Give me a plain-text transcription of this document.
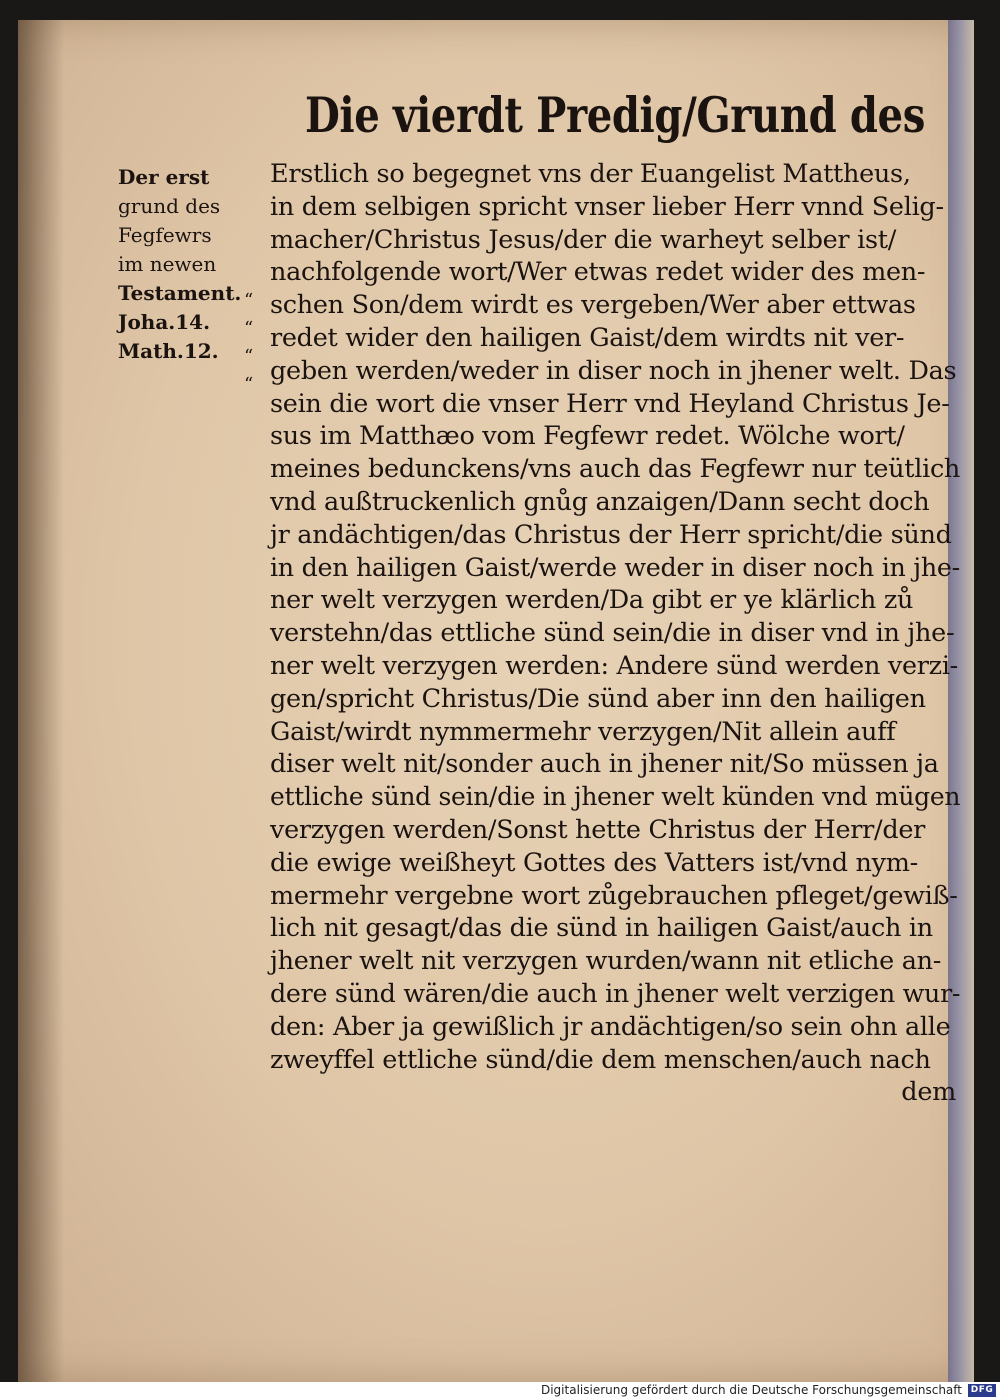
Die vierdt Predig/Grund des
Der erst
grund des
Fegfewrs
im newen
Testament.
Joha.14.
Math.12.
“
“
“
“
Erstlich so begegnet vns der Euangelist Mattheus,
in dem selbigen spricht vnser lieber Herr vnnd Selig-
macher/Christus Jesus/der die warheyt selber ist/
nachfolgende wort/Wer etwas redet wider des men-
schen Son/dem wirdt es vergeben/Wer aber ettwas
redet wider den hailigen Gaist/dem wirdts nit ver-
geben werden/weder in diser noch in jhener welt. Das
sein die wort die vnser Herr vnd Heyland Christus Je-
sus im Matthæo vom Fegfewr redet. Wölche wort/
meines bedunckens/vns auch das Fegfewr nur teütlich
vnd außtruckenlich gnůg anzaigen/Dann secht doch
jr andächtigen/das Christus der Herr spricht/die sünd
in den hailigen Gaist/werde weder in diser noch in jhe-
ner welt verzygen werden/Da gibt er ye klärlich zů
verstehn/das ettliche sünd sein/die in diser vnd in jhe-
ner welt verzygen werden: Andere sünd werden verzi-
gen/spricht Christus/Die sünd aber inn den hailigen
Gaist/wirdt nymmermehr verzygen/Nit allein auff
diser welt nit/sonder auch in jhener nit/So müssen ja
ettliche sünd sein/die in jhener welt künden vnd mügen
verzygen werden/Sonst hette Christus der Herr/der
die ewige weißheyt Gottes des Vatters ist/vnd nym-
mermehr vergebne wort zůgebrauchen pfleget/gewiß-
lich nit gesagt/das die sünd in hailigen Gaist/auch in
jhener welt nit verzygen wurden/wann nit etliche an-
dere sünd wären/die auch in jhener welt verzigen wur-
den: Aber ja gewißlich jr andächtigen/so sein ohn alle
zweyffel ettliche sünd/die dem menschen/auch nach
dem
Digitalisierung gefördert durch die Deutsche Forschungsgemeinschaft DFG
